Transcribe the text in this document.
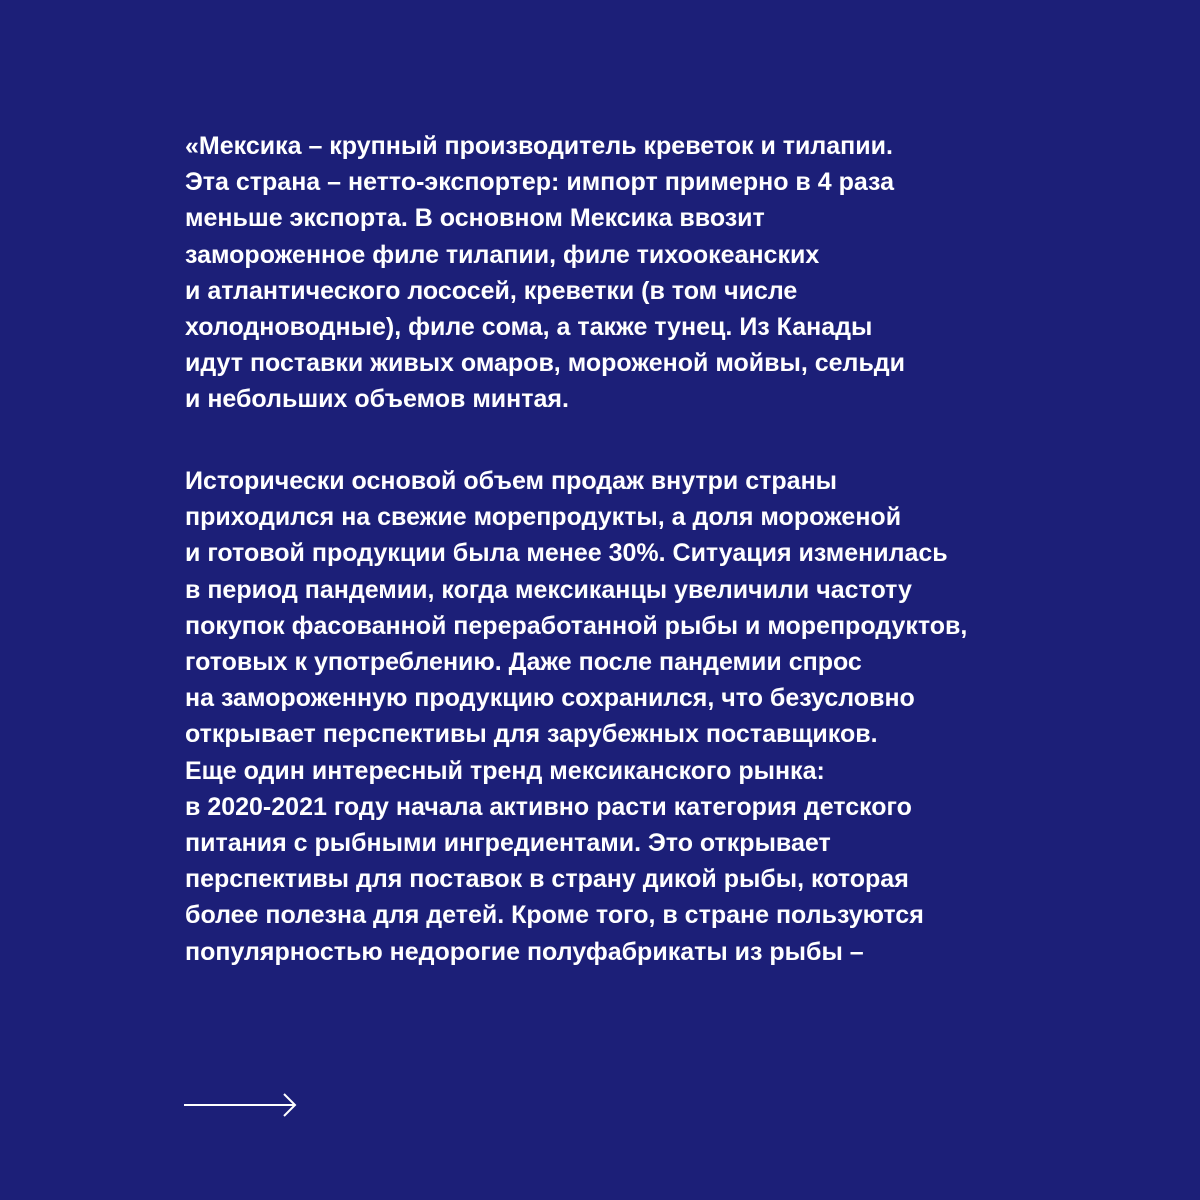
«Мексика – крупный производитель креветок и тилапии.
Эта страна – нетто-экспортер: импорт примерно в 4 раза
меньше экспорта. В основном Мексика ввозит
замороженное филе тилапии, филе тихоокеанских
и атлантического лососей, креветки (в том числе
холодноводные), филе сома, а также тунец. Из Канады
идут поставки живых омаров, мороженой мойвы, сельди
и небольших объемов минтая.
Исторически основой объем продаж внутри страны
приходился на свежие морепродукты, а доля мороженой
и готовой продукции была менее 30%. Ситуация изменилась
в период пандемии, когда мексиканцы увеличили частоту
покупок фасованной переработанной рыбы и морепродуктов,
готовых к употреблению. Даже после пандемии спрос
на замороженную продукцию сохранился, что безусловно
открывает перспективы для зарубежных поставщиков.
Еще один интересный тренд мексиканского рынка:
в 2020-2021 году начала активно расти категория детского
питания с рыбными ингредиентами. Это открывает
перспективы для поставок в страну дикой рыбы, которая
более полезна для детей. Кроме того, в стране пользуются
популярностью недорогие полуфабрикаты из рыбы –
